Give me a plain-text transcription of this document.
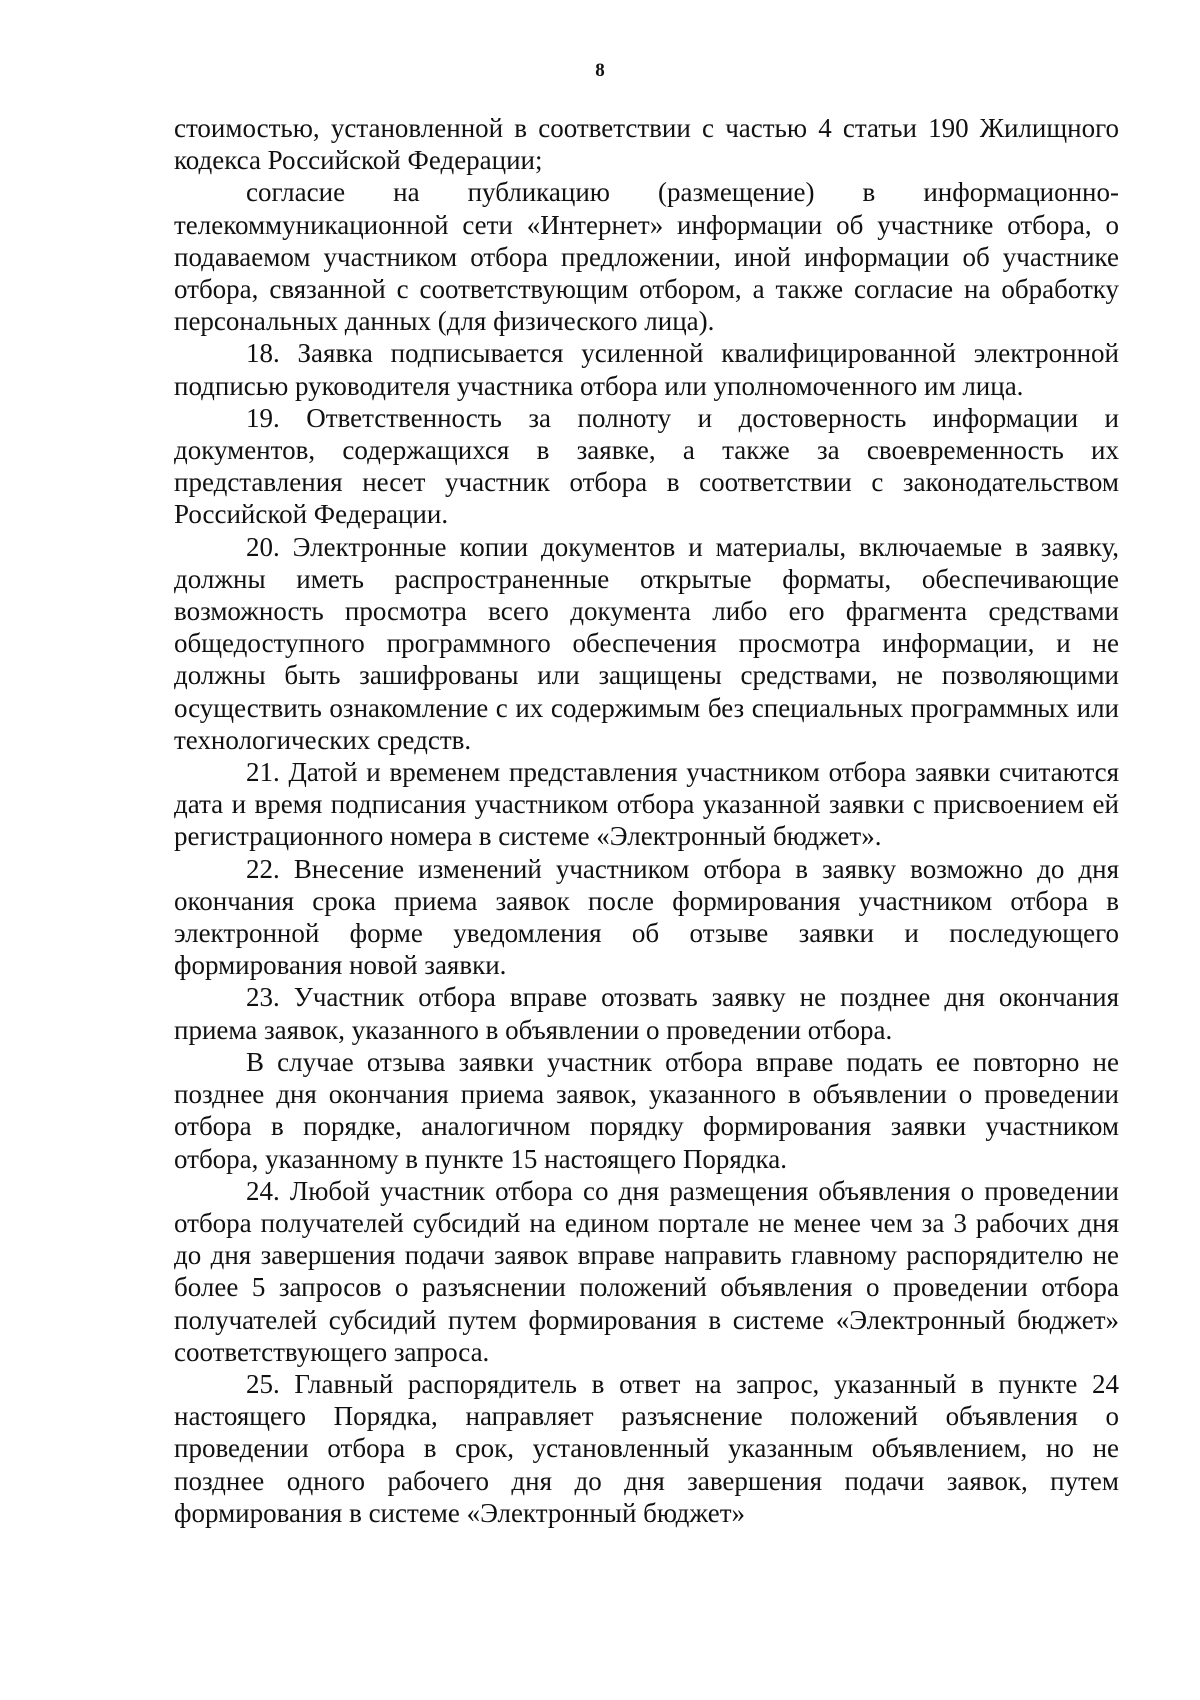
8

стоимостью, установленной в соответствии с частью 4 статьи 190 Жилищного кодекса Российской Федерации;

согласие на публикацию (размещение) в информационно-телекоммуникационной сети «Интернет» информации об участнике отбора, о подаваемом участником отбора предложении, иной информации об участнике отбора, связанной с соответствующим отбором, а также согласие на обработку персональных данных (для физического лица).

18. Заявка подписывается усиленной квалифицированной электронной подписью руководителя участника отбора или уполномоченного им лица.

19. Ответственность за полноту и достоверность информации и документов, содержащихся в заявке, а также за своевременность их представления несет участник отбора в соответствии с законодательством Российской Федерации.

20. Электронные копии документов и материалы, включаемые в заявку, должны иметь распространенные открытые форматы, обеспечивающие возможность просмотра всего документа либо его фрагмента средствами общедоступного программного обеспечения просмотра информации, и не должны быть зашифрованы или защищены средствами, не позволяющими осуществить ознакомление с их содержимым без специальных программных или технологических средств.

21. Датой и временем представления участником отбора заявки считаются дата и время подписания участником отбора указанной заявки с присвоением ей регистрационного номера в системе «Электронный бюджет».

22. Внесение изменений участником отбора в заявку возможно до дня окончания срока приема заявок после формирования участником отбора в электронной форме уведомления об отзыве заявки и последующего формирования новой заявки.

23. Участник отбора вправе отозвать заявку не позднее дня окончания приема заявок, указанного в объявлении о проведении отбора.

В случае отзыва заявки участник отбора вправе подать ее повторно не позднее дня окончания приема заявок, указанного в объявлении о проведении отбора в порядке, аналогичном порядку формирования заявки участником отбора, указанному в пункте 15 настоящего Порядка.

24. Любой участник отбора со дня размещения объявления о проведении отбора получателей субсидий на едином портале не менее чем за 3 рабочих дня до дня завершения подачи заявок вправе направить главному распорядителю не более 5 запросов о разъяснении положений объявления о проведении отбора получателей субсидий путем формирования в системе «Электронный бюджет» соответствующего запроса.

25. Главный распорядитель в ответ на запрос, указанный в пункте 24 настоящего Порядка, направляет разъяснение положений объявления о проведении отбора в срок, установленный указанным объявлением, но не позднее одного рабочего дня до дня завершения подачи заявок, путем формирования в системе «Электронный бюджет»
